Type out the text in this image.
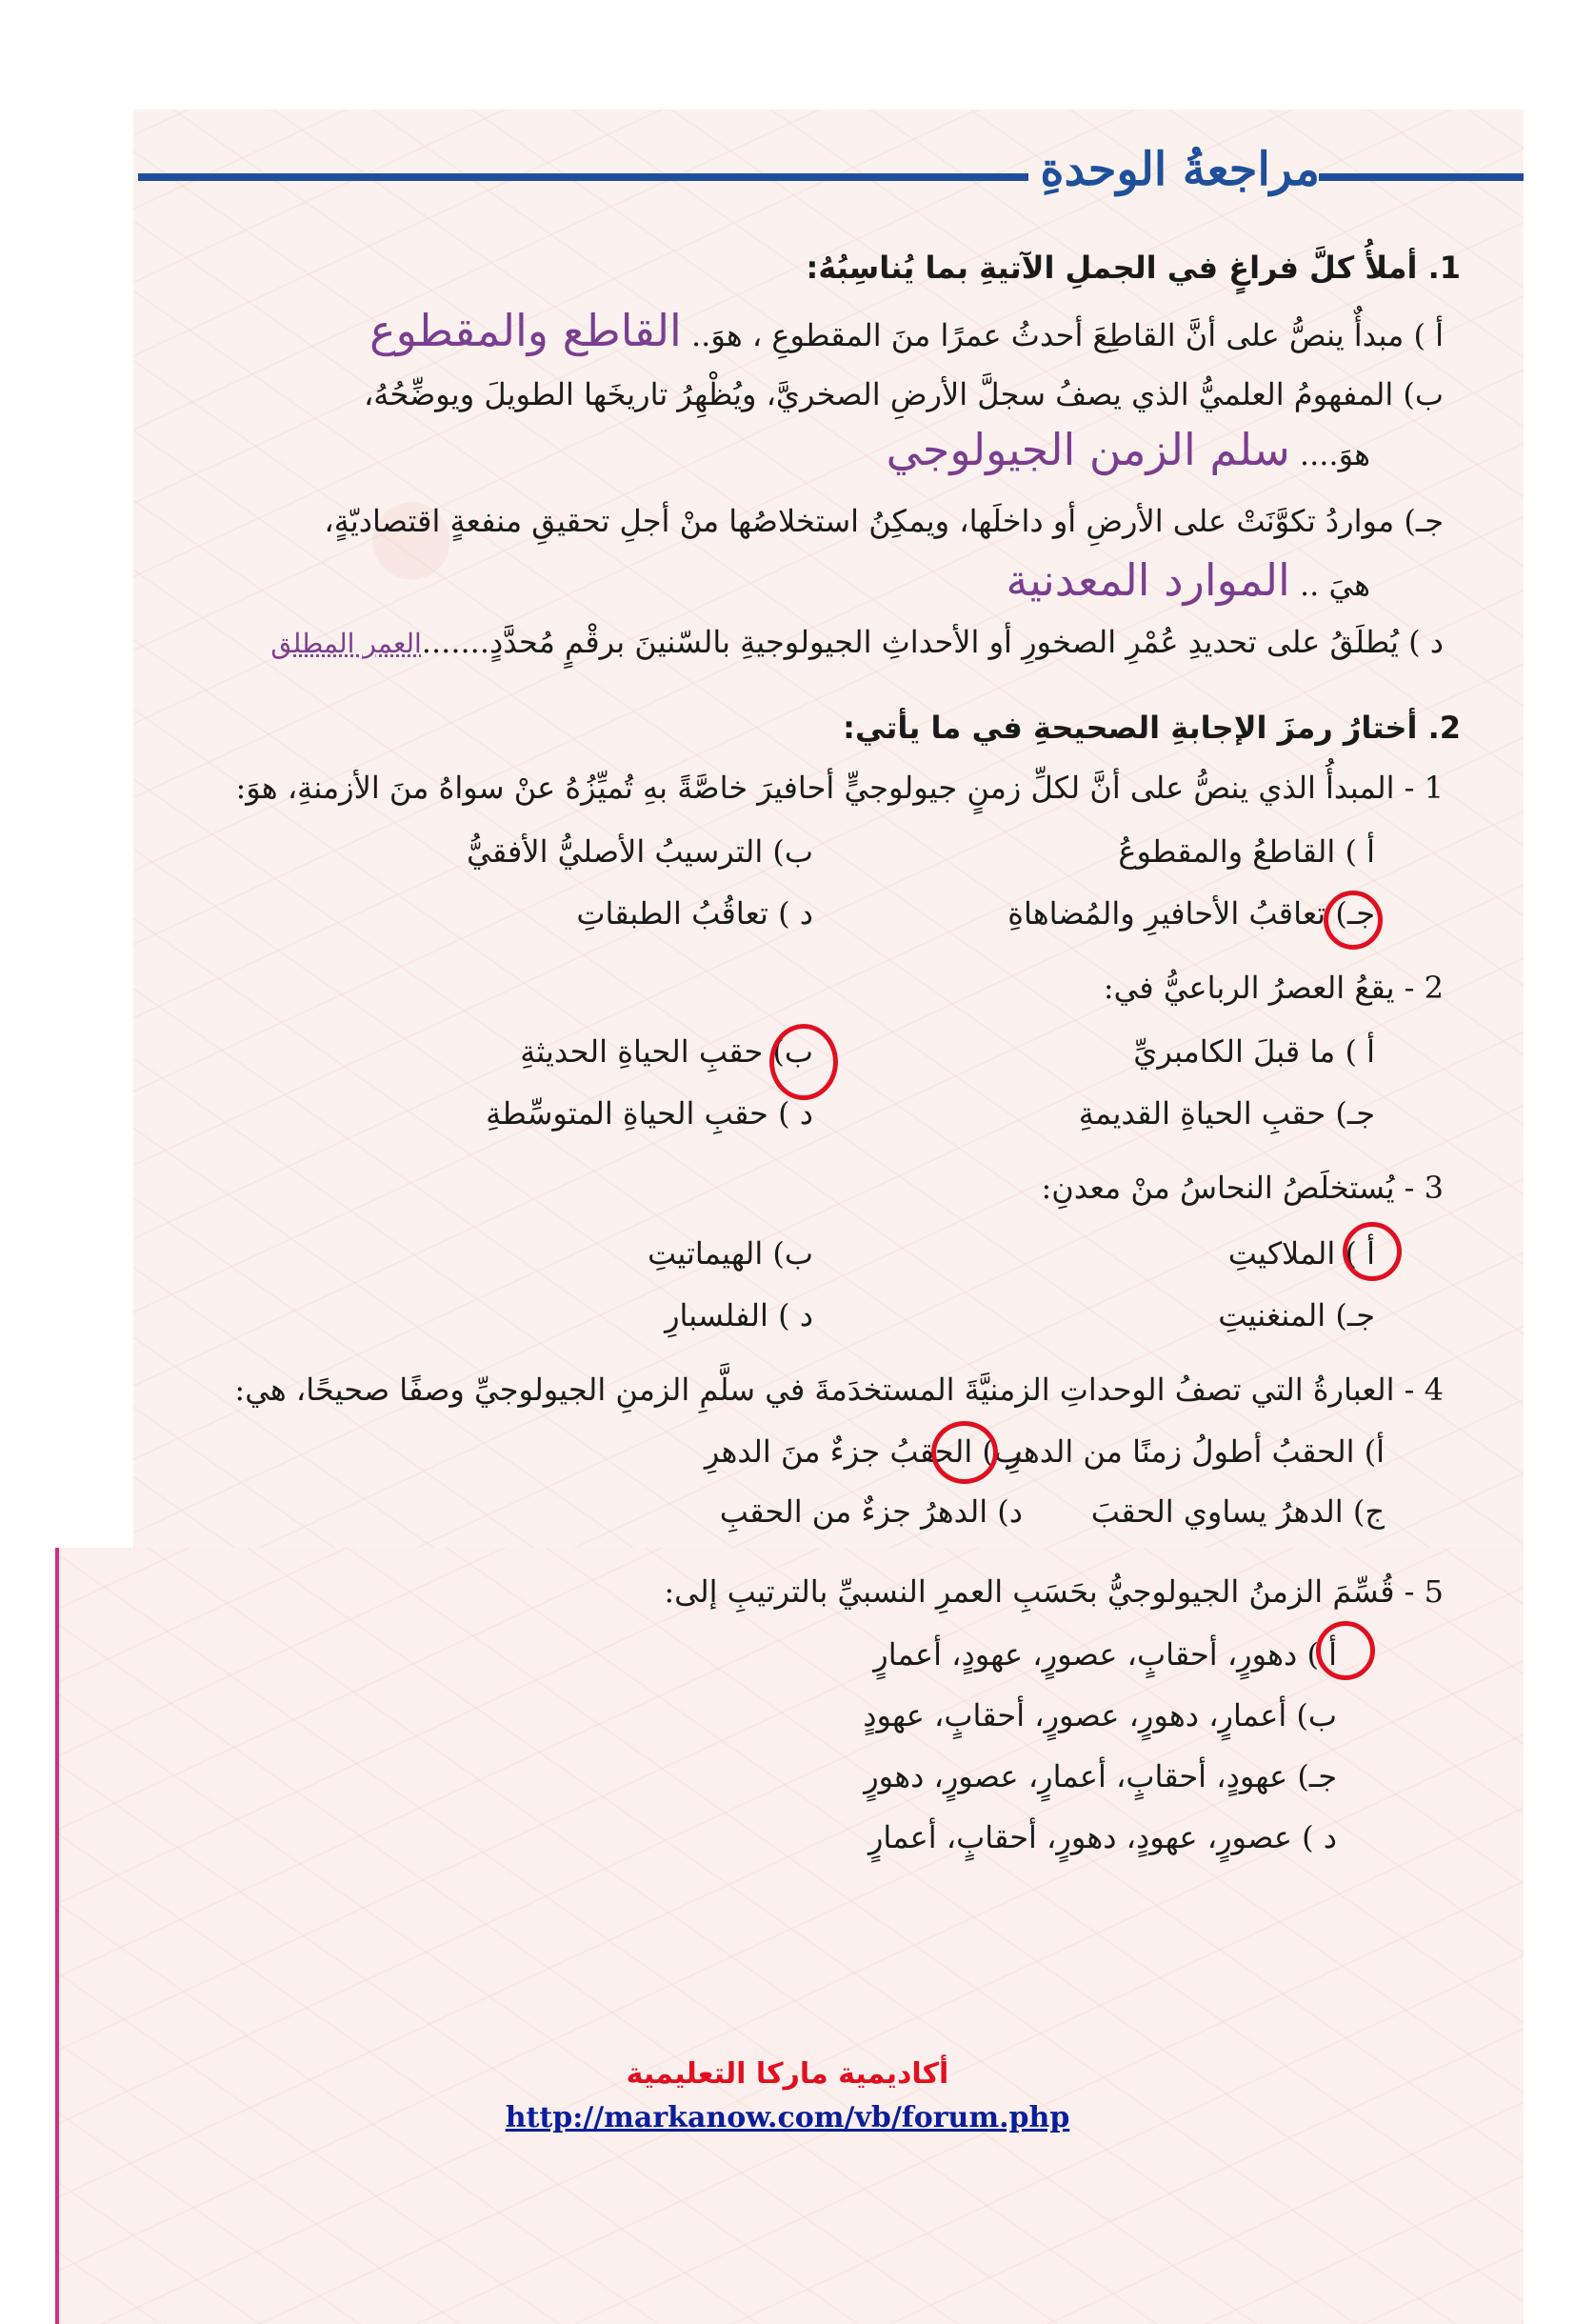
مراجعةُ الوحدةِ
1. أملأُ كلَّ فراغٍ في الجملِ الآتيةِ بما يُناسِبُهُ:
أ ) مبدأٌ ينصُّ على أنَّ القاطِعَ أحدثُ عمرًا منَ المقطوعِ ، هوَ.. القاطع والمقطوع
ب) المفهومُ العلميُّ الذي يصفُ سجلَّ الأرضِ الصخريَّ، ويُظْهِرُ تاريخَها الطويلَ ويوضِّحُهُ،
هوَ.... سلم الزمن الجيولوجي
جـ) مواردُ تكوَّنَتْ على الأرضِ أو داخلَها، ويمكِنُ استخلاصُها منْ أجلِ تحقيقِ منفعةٍ اقتصاديّةٍ،
هيَ .. الموارد المعدنية
د ) يُطلَقُ على تحديدِ عُمْرِ الصخورِ أو الأحداثِ الجيولوجيةِ بالسّنينَ برقْمٍ مُحدَّدٍ.......العمر المطلق
2. أختارُ رمزَ الإجابةِ الصحيحةِ في ما يأتي:
1 - المبدأُ الذي ينصُّ على أنَّ لكلِّ زمنٍ جيولوجيٍّ أحافيرَ خاصَّةً بهِ تُميِّزُهُ عنْ سواهُ منَ الأزمنةِ، هوَ:
أ ) القاطعُ والمقطوعُ
ب) الترسيبُ الأصليُّ الأفقيُّ
جـ) تعاقبُ الأحافيرِ والمُضاهاةِ
د ) تعاقُبُ الطبقاتِ
2 - يقعُ العصرُ الرباعيُّ في:
أ ) ما قبلَ الكامبريِّ
ب) حقبِ الحياةِ الحديثةِ
جـ) حقبِ الحياةِ القديمةِ
د ) حقبِ الحياةِ المتوسِّطةِ
3 - يُستخلَصُ النحاسُ منْ معدنِ:
أ ) الملاكيتِ
ب) الهيماتيتِ
جـ) المنغنيتِ
د ) الفلسبارِ
4 - العبارةُ التي تصفُ الوحداتِ الزمنيَّةَ المستخدَمةَ في سلَّمِ الزمنِ الجيولوجيِّ وصفًا صحيحًا، هي:
أ) الحقبُ أطولُ زمنًا من الدهرِ
ب) الحقبُ جزءٌ منَ الدهرِ
ج) الدهرُ يساوي الحقبَ
د) الدهرُ جزءٌ من الحقبِ
5 - قُسِّمَ الزمنُ الجيولوجيُّ بحَسَبِ العمرِ النسبيِّ بالترتيبِ إلى:
أ ) دهورٍ، أحقابٍ، عصورٍ، عهودٍ، أعمارٍ
ب) أعمارٍ، دهورٍ، عصورٍ، أحقابٍ، عهودٍ
جـ) عهودٍ، أحقابٍ، أعمارٍ، عصورٍ، دهورٍ
د ) عصورٍ، عهودٍ، دهورٍ، أحقابٍ، أعمارٍ
أكاديمية ماركا التعليمية
http://markanow.com/vb/forum.php
